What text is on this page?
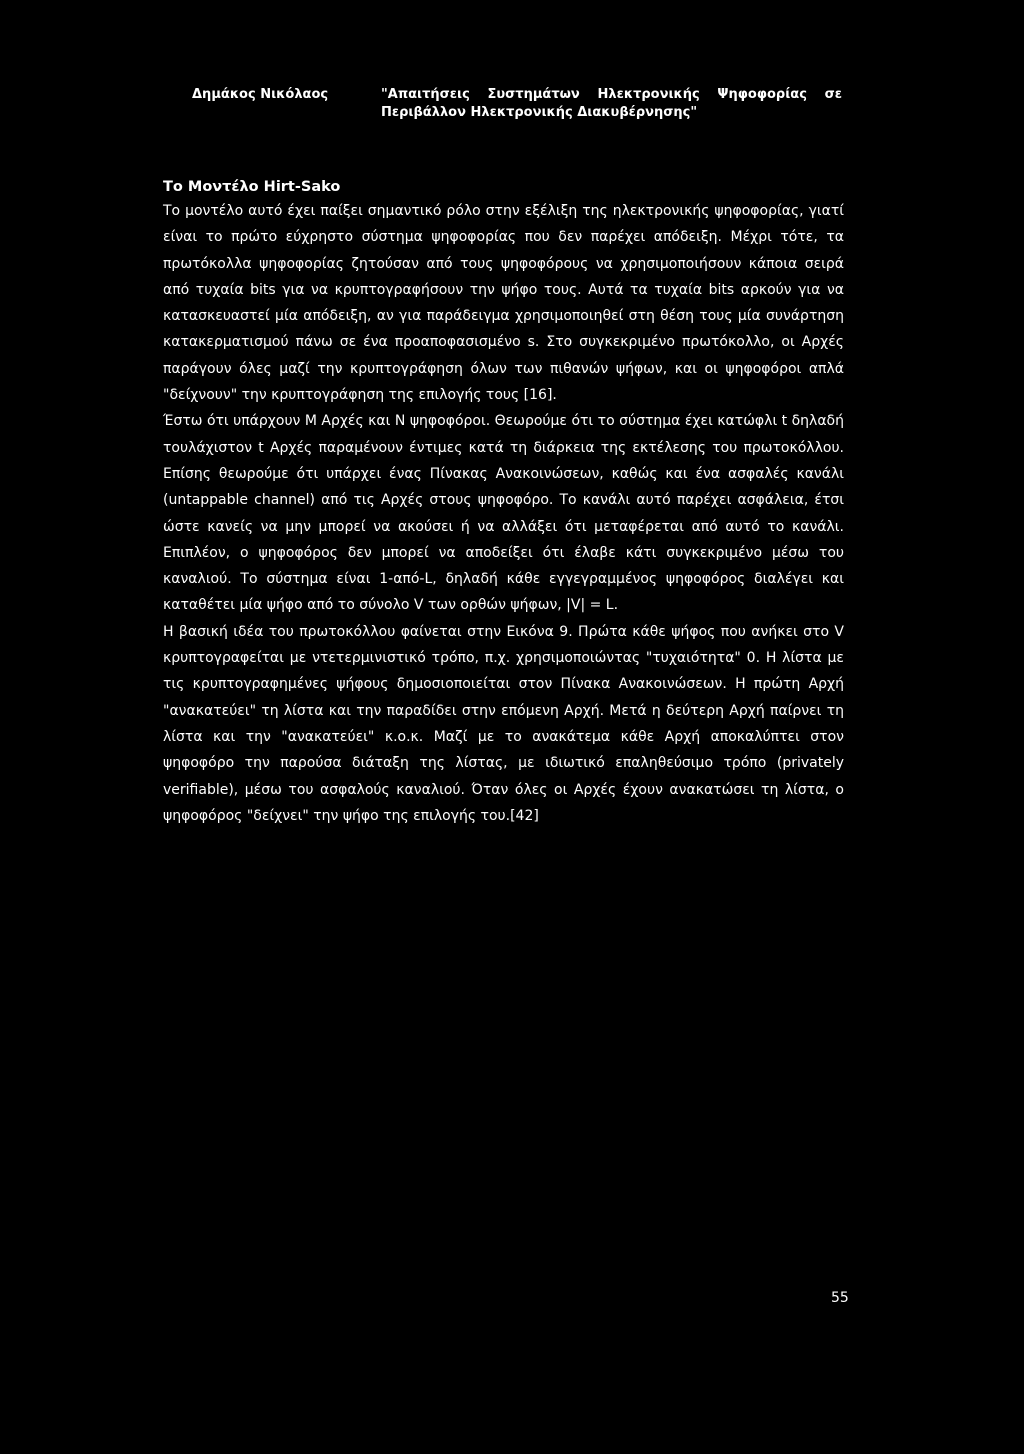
Δημάκος Νικόλαος	"Απαιτήσεις Συστημάτων Ηλεκτρονικής Ψηφοφορίας σε Περιβάλλον Ηλεκτρονικής Διακυβέρνησης"
Το Μοντέλο Hirt-Sako

Το μοντέλο αυτό έχει παίξει σημαντικό ρόλο στην εξέλιξη της ηλεκτρονικής ψηφοφορίας, γιατί είναι το πρώτο εύχρηστο σύστημα ψηφοφορίας που δεν παρέχει απόδειξη. Μέχρι τότε, τα πρωτόκολλα ψηφοφορίας ζητούσαν από τους ψηφοφόρους να χρησιμοποιήσουν κάποια σειρά από τυχαία bits για να κρυπτογραφήσουν την ψήφο τους. Αυτά τα τυχαία bits αρκούν για να κατασκευαστεί μία απόδειξη, αν για παράδειγμα χρησιμοποιηθεί στη θέση τους μία συνάρτηση κατακερματισμού πάνω σε ένα προαποφασισμένο s. Στο συγκεκριμένο πρωτόκολλο, οι Αρχές παράγουν όλες μαζί την κρυπτογράφηση όλων των πιθανών ψήφων, και οι ψηφοφόροι απλά "δείχνουν" την κρυπτογράφηση της επιλογής τους [16].

Έστω ότι υπάρχουν M Αρχές και N ψηφοφόροι. Θεωρούμε ότι το σύστημα έχει κατώφλι t δηλαδή τουλάχιστον t Αρχές παραμένουν έντιμες κατά τη διάρκεια της εκτέλεσης του πρωτοκόλλου. Επίσης θεωρούμε ότι υπάρχει ένας Πίνακας Ανακοινώσεων, καθώς και ένα ασφαλές κανάλι (untappable channel) από τις Αρχές στους ψηφοφόρο. Το κανάλι αυτό παρέχει ασφάλεια, έτσι ώστε κανείς να μην μπορεί να ακούσει ή να αλλάξει ότι μεταφέρεται από αυτό το κανάλι. Επιπλέον, ο ψηφοφόρος δεν μπορεί να αποδείξει ότι έλαβε κάτι συγκεκριμένο μέσω του καναλιού. Το σύστημα είναι 1-από-L, δηλαδή κάθε εγγεγραμμένος ψηφοφόρος διαλέγει και καταθέτει μία ψήφο από το σύνολο V των ορθών ψήφων, |V| = L.

Η βασική ιδέα του πρωτοκόλλου φαίνεται στην Εικόνα 9. Πρώτα κάθε ψήφος που ανήκει στο V κρυπτογραφείται με ντετερμινιστικό τρόπο, π.χ. χρησιμοποιώντας "τυχαιότητα" 0. Η λίστα με τις κρυπτογραφημένες ψήφους δημοσιοποιείται στον Πίνακα Ανακοινώσεων. Η πρώτη Αρχή "ανακατεύει" τη λίστα και την παραδίδει στην επόμενη Αρχή. Μετά η δεύτερη Αρχή παίρνει τη λίστα και την "ανακατεύει" κ.ο.κ. Μαζί με το ανακάτεμα κάθε Αρχή αποκαλύπτει στον ψηφοφόρο την παρούσα διάταξη της λίστας, με ιδιωτικό επαληθεύσιμο τρόπο (privately verifiable), μέσω του ασφαλούς καναλιού. Όταν όλες οι Αρχές έχουν ανακατώσει τη λίστα, ο ψηφοφόρος "δείχνει" την ψήφο της επιλογής του.[42]

55
